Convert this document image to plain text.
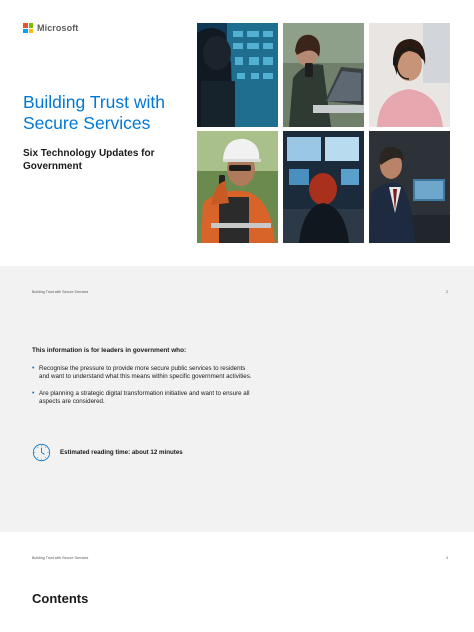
Microsoft
Building Trust with Secure Services
Six Technology Updates for Government
Building Trust with Secure Services	2

This information is for leaders in government who:

• Recognise the pressure to provide more secure public services to residents and want to understand what this means within specific government activities.
• Are planning a strategic digital transformation initiative and want to ensure all aspects are considered.
Estimated reading time: about 12 minutes
Building Trust with Secure Services	3
Contents
